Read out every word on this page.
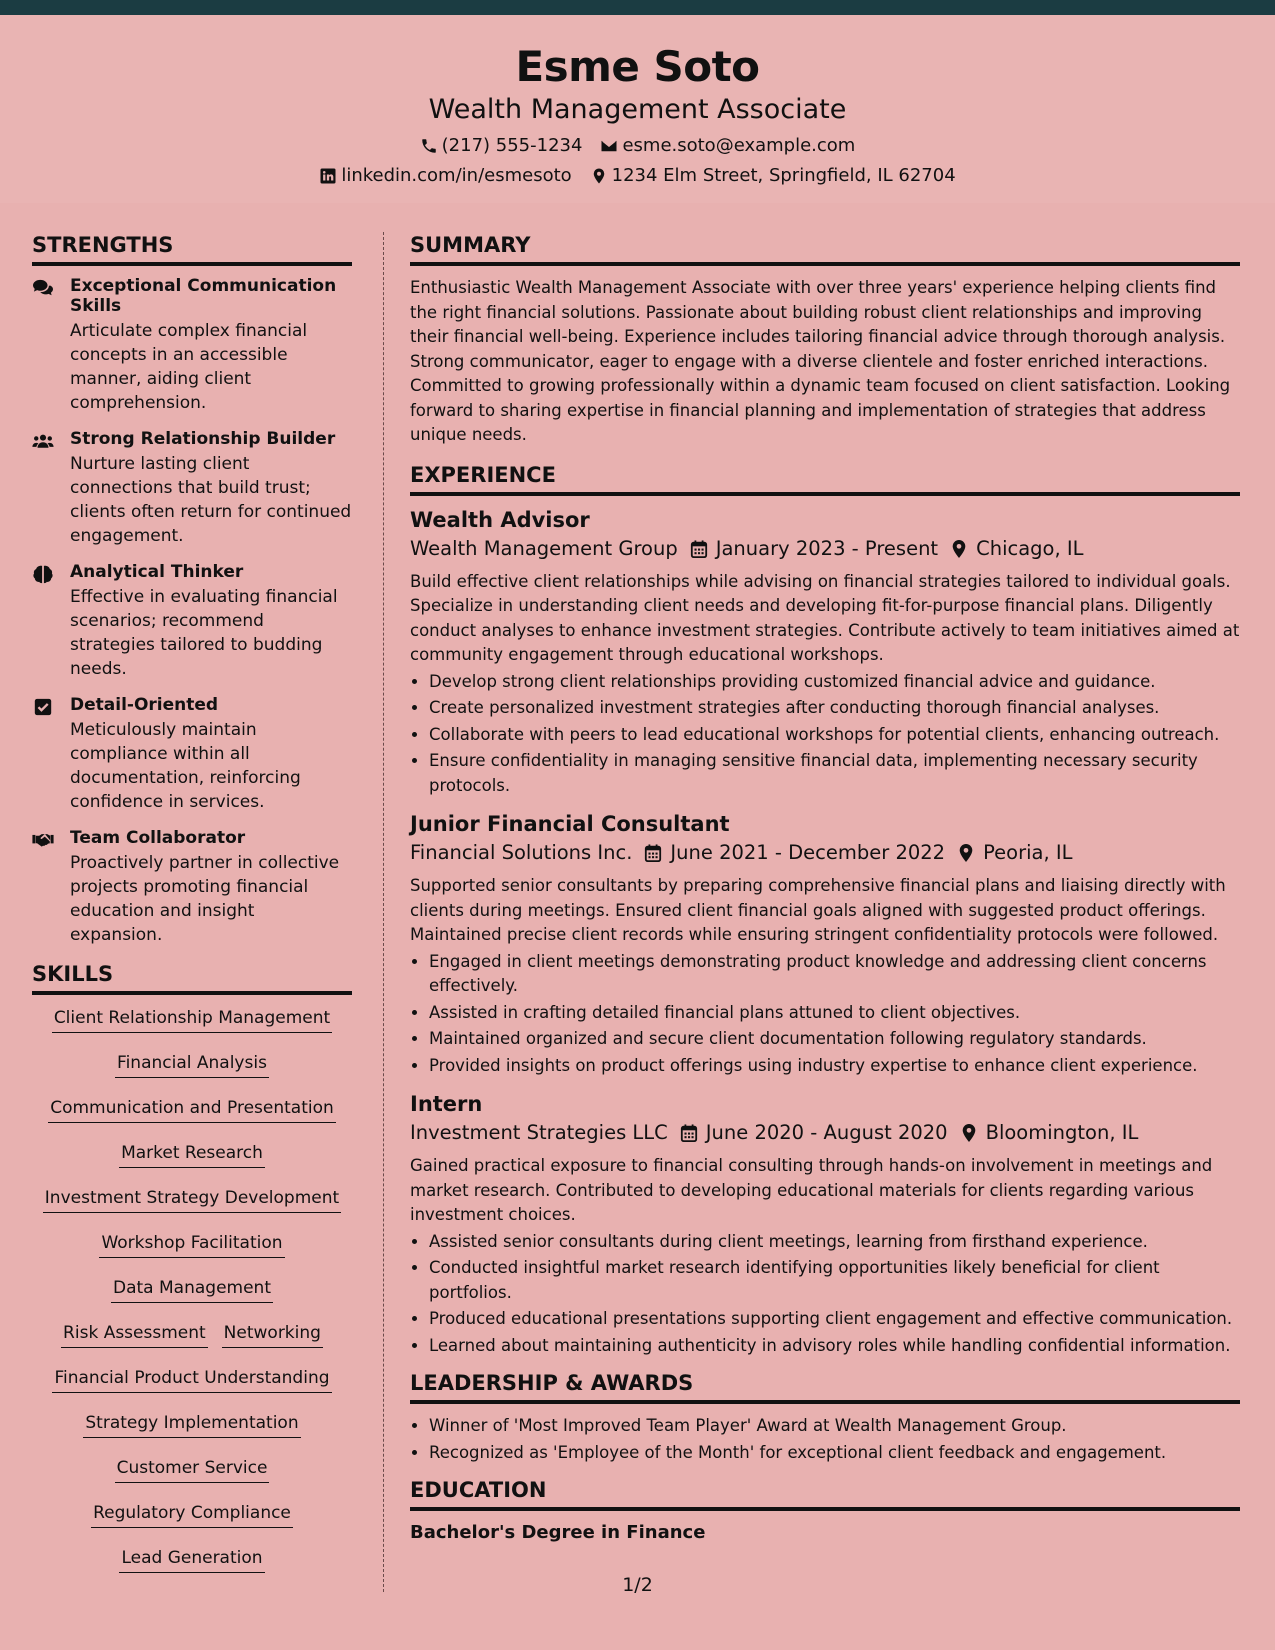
Esme Soto
Wealth Management Associate
(217) 555-1234 esme.soto@example.com
linkedin.com/in/esmesoto 1234 Elm Street, Springfield, IL 62704
STRENGTHS
Exceptional Communication Skills
Articulate complex financial concepts in an accessible manner, aiding client comprehension.
Strong Relationship Builder
Nurture lasting client connections that build trust; clients often return for continued engagement.
Analytical Thinker
Effective in evaluating financial scenarios; recommend strategies tailored to budding needs.
Detail-Oriented
Meticulously maintain compliance within all documentation, reinforcing confidence in services.
Team Collaborator
Proactively partner in collective projects promoting financial education and insight expansion.
SKILLS
Client Relationship Management
Financial Analysis
Communication and Presentation
Market Research
Investment Strategy Development
Workshop Facilitation
Data Management
Risk Assessment Networking
Financial Product Understanding
Strategy Implementation
Customer Service
Regulatory Compliance
Lead Generation
SUMMARY
Enthusiastic Wealth Management Associate with over three years' experience helping clients find the right financial solutions. Passionate about building robust client relationships and improving their financial well-being. Experience includes tailoring financial advice through thorough analysis. Strong communicator, eager to engage with a diverse clientele and foster enriched interactions. Committed to growing professionally within a dynamic team focused on client satisfaction. Looking forward to sharing expertise in financial planning and implementation of strategies that address unique needs.
EXPERIENCE
Wealth Advisor
Wealth Management Group January 2023 - Present Chicago, IL
Build effective client relationships while advising on financial strategies tailored to individual goals. Specialize in understanding client needs and developing fit-for-purpose financial plans. Diligently conduct analyses to enhance investment strategies. Contribute actively to team initiatives aimed at community engagement through educational workshops.
• Develop strong client relationships providing customized financial advice and guidance.
• Create personalized investment strategies after conducting thorough financial analyses.
• Collaborate with peers to lead educational workshops for potential clients, enhancing outreach.
• Ensure confidentiality in managing sensitive financial data, implementing necessary security protocols.
Junior Financial Consultant
Financial Solutions Inc. June 2021 - December 2022 Peoria, IL
Supported senior consultants by preparing comprehensive financial plans and liaising directly with clients during meetings. Ensured client financial goals aligned with suggested product offerings. Maintained precise client records while ensuring stringent confidentiality protocols were followed.
• Engaged in client meetings demonstrating product knowledge and addressing client concerns effectively.
• Assisted in crafting detailed financial plans attuned to client objectives.
• Maintained organized and secure client documentation following regulatory standards.
• Provided insights on product offerings using industry expertise to enhance client experience.
Intern
Investment Strategies LLC June 2020 - August 2020 Bloomington, IL
Gained practical exposure to financial consulting through hands-on involvement in meetings and market research. Contributed to developing educational materials for clients regarding various investment choices.
• Assisted senior consultants during client meetings, learning from firsthand experience.
• Conducted insightful market research identifying opportunities likely beneficial for client portfolios.
• Produced educational presentations supporting client engagement and effective communication.
• Learned about maintaining authenticity in advisory roles while handling confidential information.
LEADERSHIP & AWARDS
• Winner of 'Most Improved Team Player' Award at Wealth Management Group.
• Recognized as 'Employee of the Month' for exceptional client feedback and engagement.
EDUCATION
Bachelor's Degree in Finance
1/2
